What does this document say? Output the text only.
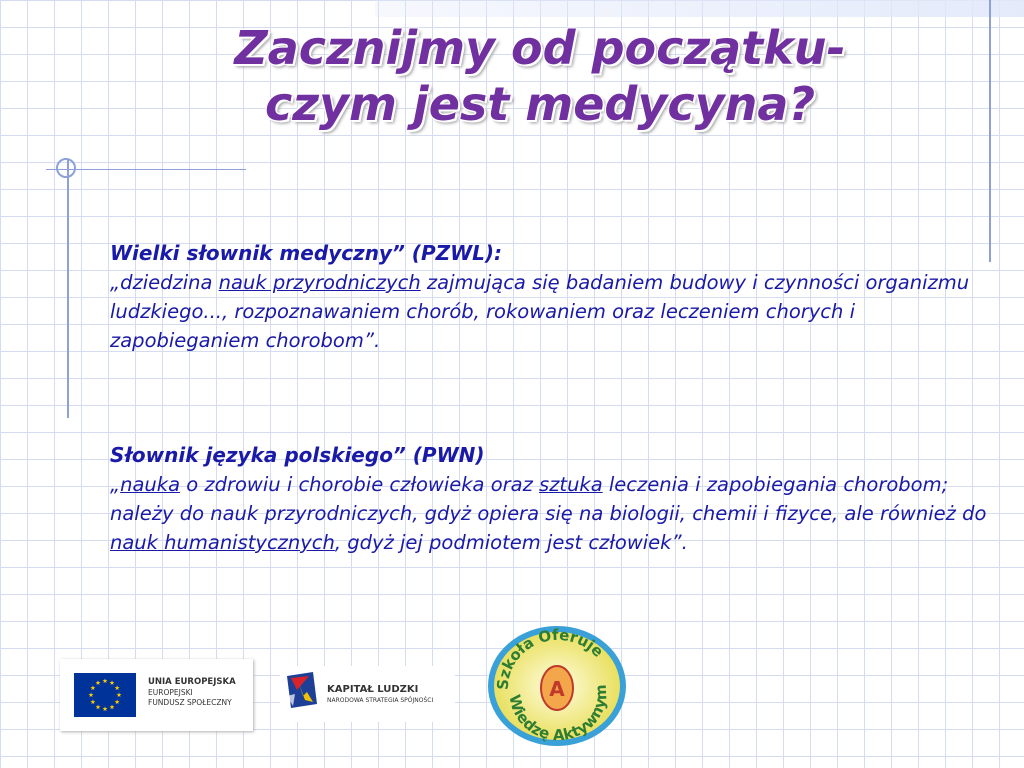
Zacznijmy od początku-
czym jest medycyna?
Wielki słownik medyczny” (PZWL):
„dziedzina nauk przyrodniczych zajmująca się badaniem budowy i czynności organizmu ludzkiego..., rozpoznawaniem chorób, rokowaniem oraz leczeniem chorych i zapobieganiem chorobom”.
Słownik języka polskiego” (PWN)
„nauka o zdrowiu i chorobie człowieka oraz sztuka leczenia i zapobiegania chorobom; należy do nauk przyrodniczych, gdyż opiera się na biologii, chemii i fizyce, ale również do nauk humanistycznych, gdyż jej podmiotem jest człowiek”.
UNIA EUROPEJSKA
EUROPEJSKI
FUNDUSZ SPOŁECZNY
KAPITAŁ LUDZKI
NARODOWA STRATEGIA SPÓJNOŚCI
Szkoła Oferuje
Wiedzę Aktywnym
A
